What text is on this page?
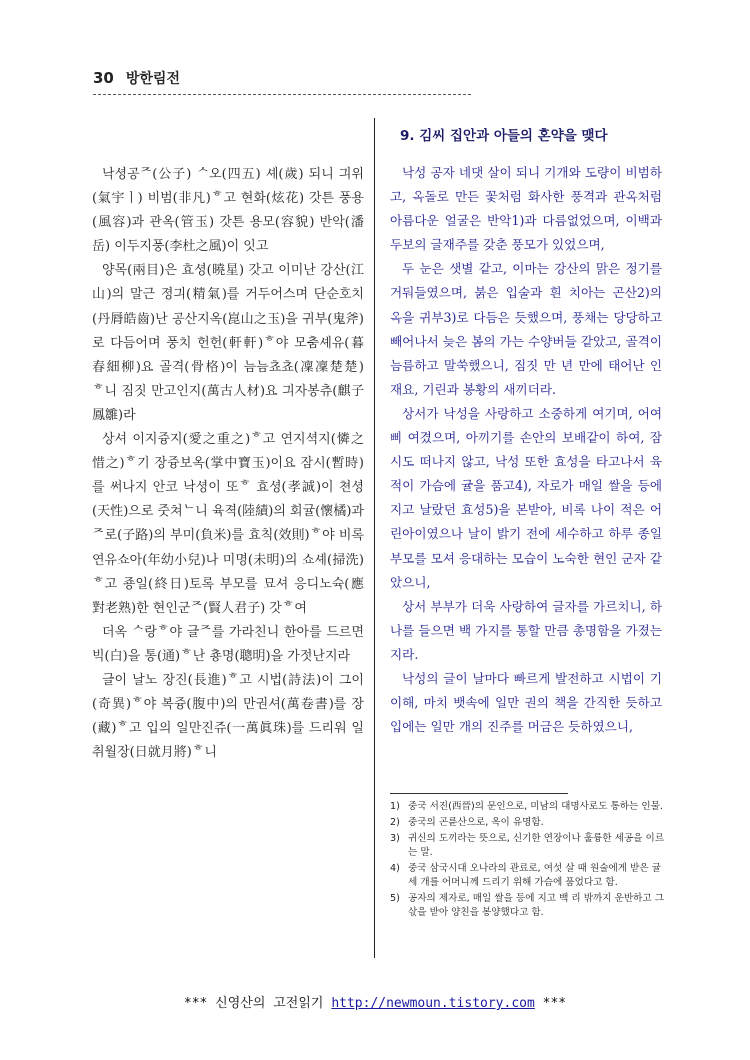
30 방한림전

낙셩공ᄌ(公子) ᄉ오(四五) 셰(歲) 되니 긔위(氣宇ㅣ) 비범(非凡)ᄒ고 현화(炫花) 갓튼 풍용(風容)과 관옥(管玉) 갓튼 용모(容貌) 반악(潘岳) 이두지풍(李杜之風)이 잇고

양목(兩目)은 효셩(曉星) 갓고 이미난 강산(江山)의 말근 졍긔(精氣)를 거두어스며 단순호치(丹脣皓齒)난 공산지옥(崑山之玉)을 귀부(鬼斧)로 다듬어며 풍치 헌헌(軒軒)ᄒ야 모춤셰유(暮春細柳)요 골격(骨格)이 늠늠쵸쵸(凜凜楚楚)ᄒ니 짐짓 만고인지(萬古人材)요 긔자봉츄(麒子鳳雛)라

상셔 이지즁지(愛之重之)ᄒ고 연지셕지(憐之惜之)ᄒ기 장즁보옥(掌中寶玉)이요 잠시(暫時)를 써나지 안코 낙셩이 또ᄒ 효셩(孝誠)이 쳔셩(天性)으로 줏쳐ᄂ니 육젹(陸績)의 회귤(懷橘)과 ᄌ로(子路)의 부미(負米)를 효칙(效則)ᄒ야 비록 연유쇼아(年幼小兒)나 미명(未明)의 쇼셰(掃洗)ᄒ고 죵일(終日)토록 부모를 묘셔 응디노슉(應對老熟)한 현인군ᄌ(賢人君子) 갓ᄒ여

더옥 ᄉ랑ᄒ야 글ᄌ를 가라친니 한아를 드르면 빅(白)을 통(通)ᄒ난 춍명(聰明)을 가젓난지라

글이 날노 장진(長進)ᄒ고 시법(詩法)이 그이(奇異)ᄒ야 복즁(腹中)의 만권셔(萬卷書)를 장(藏)ᄒ고 입의 일만진쥬(一萬眞珠)를 드리워 일취월장(日就月將)ᄒ니

9. 김씨 집안과 아들의 혼약을 맺다

낙성 공자 네댓 살이 되니 기개와 도량이 비범하고, 옥돌로 만든 꽃처럼 화사한 풍격과 관옥처럼 아름다운 얼굴은 반악1)과 다름없었으며, 이백과 두보의 글재주를 갖춘 풍모가 있었으며,

두 눈은 샛별 같고, 이마는 강산의 맑은 정기를 거둬들였으며, 붉은 입술과 흰 치아는 곤산2)의 옥을 귀부3)로 다듬은 듯했으며, 풍채는 당당하고 빼어나서 늦은 봄의 가는 수양버들 같았고, 골격이 늠름하고 말쑥했으니, 짐짓 만 년 만에 태어난 인재요, 기린과 봉황의 새끼더라.

상서가 낙성을 사랑하고 소중하게 여기며, 어여삐 여겼으며, 아끼기를 손안의 보배같이 하여, 잠시도 떠나지 않고, 낙성 또한 효성을 타고나서 육적이 가슴에 귤을 품고4), 자로가 매일 쌀을 등에 지고 날랐던 효성5)을 본받아, 비록 나이 적은 어린아이였으나 날이 밝기 전에 세수하고 하루 종일 부모를 모셔 응대하는 모습이 노숙한 현인 군자 같았으니,

상서 부부가 더욱 사랑하여 글자를 가르치니, 하나를 들으면 백 가지를 통할 만큼 총명함을 가졌는지라.

낙성의 글이 날마다 빠르게 발전하고 시법이 기이해, 마치 뱃속에 일만 권의 책을 간직한 듯하고 입에는 일만 개의 진주를 머금은 듯하였으니,

1) 중국 서진(西晉)의 문인으로, 미남의 대명사로도 통하는 인물.
2) 중국의 곤륜산으로, 옥이 유명함.
3) 귀신의 도끼라는 뜻으로, 신기한 연장이나 훌륭한 세공을 이르는 말.
4) 중국 삼국시대 오나라의 관료로, 여섯 살 때 원술에게 받은 귤 세 개를 어머니께 드리기 위해 가슴에 품었다고 함.
5) 공자의 제자로, 매일 쌀을 등에 지고 백 리 밖까지 운반하고 그 삯을 받아 양친을 봉양했다고 함.
*** 신영산의 고전읽기 http://newmoun.tistory.com ***
